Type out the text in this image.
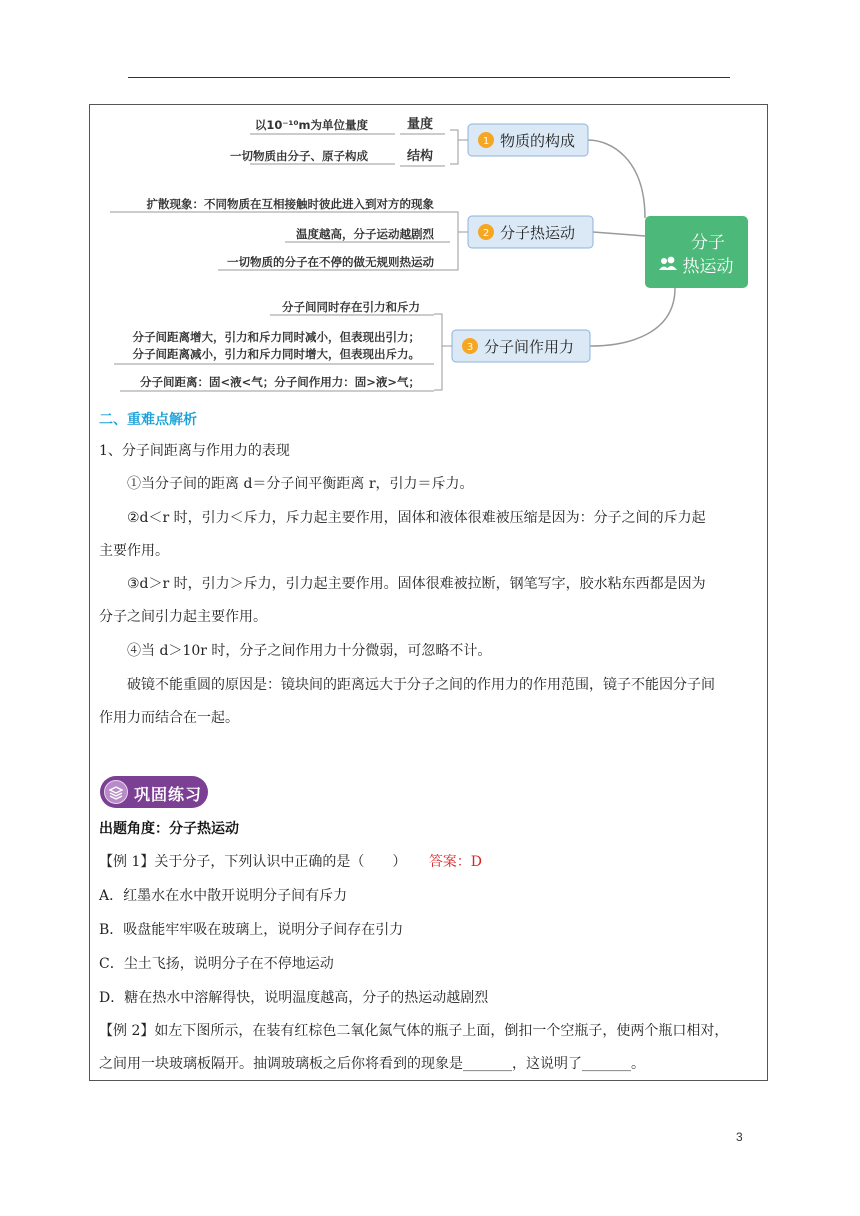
分子
热运动
1 物质的构成
以10⁻¹⁰m为单位量度	量度
一切物质由分子、原子构成	结构
2 分子热运动
扩散现象：不同物质在互相接触时彼此进入到对方的现象
温度越高，分子运动越剧烈
一切物质的分子在不停的做无规则热运动
3 分子间作用力
分子间同时存在引力和斥力
分子间距离增大，引力和斥力同时减小，但表现出引力；
分子间距离减小，引力和斥力同时增大，但表现出斥力。
分子间距离：固<液<气；分子间作用力：固>液>气；
二、重难点解析
1、分子间距离与作用力的表现
①当分子间的距离 d＝分子间平衡距离 r，引力＝斥力。
②d＜r 时，引力＜斥力，斥力起主要作用，固体和液体很难被压缩是因为：分子之间的斥力起
主要作用。
③d＞r 时，引力＞斥力，引力起主要作用。固体很难被拉断，钢笔写字，胶水粘东西都是因为
分子之间引力起主要作用。
④当 d＞10r 时，分子之间作用力十分微弱，可忽略不计。
破镜不能重圆的原因是：镜块间的距离远大于分子之间的作用力的作用范围，镜子不能因分子间
作用力而结合在一起。
巩固练习
出题角度：分子热运动
【例 1】关于分子，下列认识中正确的是（　　） 答案：D
A．红墨水在水中散开说明分子间有斥力
B．吸盘能牢牢吸在玻璃上，说明分子间存在引力
C．尘土飞扬，说明分子在不停地运动
D．糖在热水中溶解得快，说明温度越高，分子的热运动越剧烈
【例 2】如左下图所示，在装有红棕色二氧化氮气体的瓶子上面，倒扣一个空瓶子，使两个瓶口相对，
之间用一块玻璃板隔开。抽调玻璃板之后你将看到的现象是_______，这说明了_______。
3
